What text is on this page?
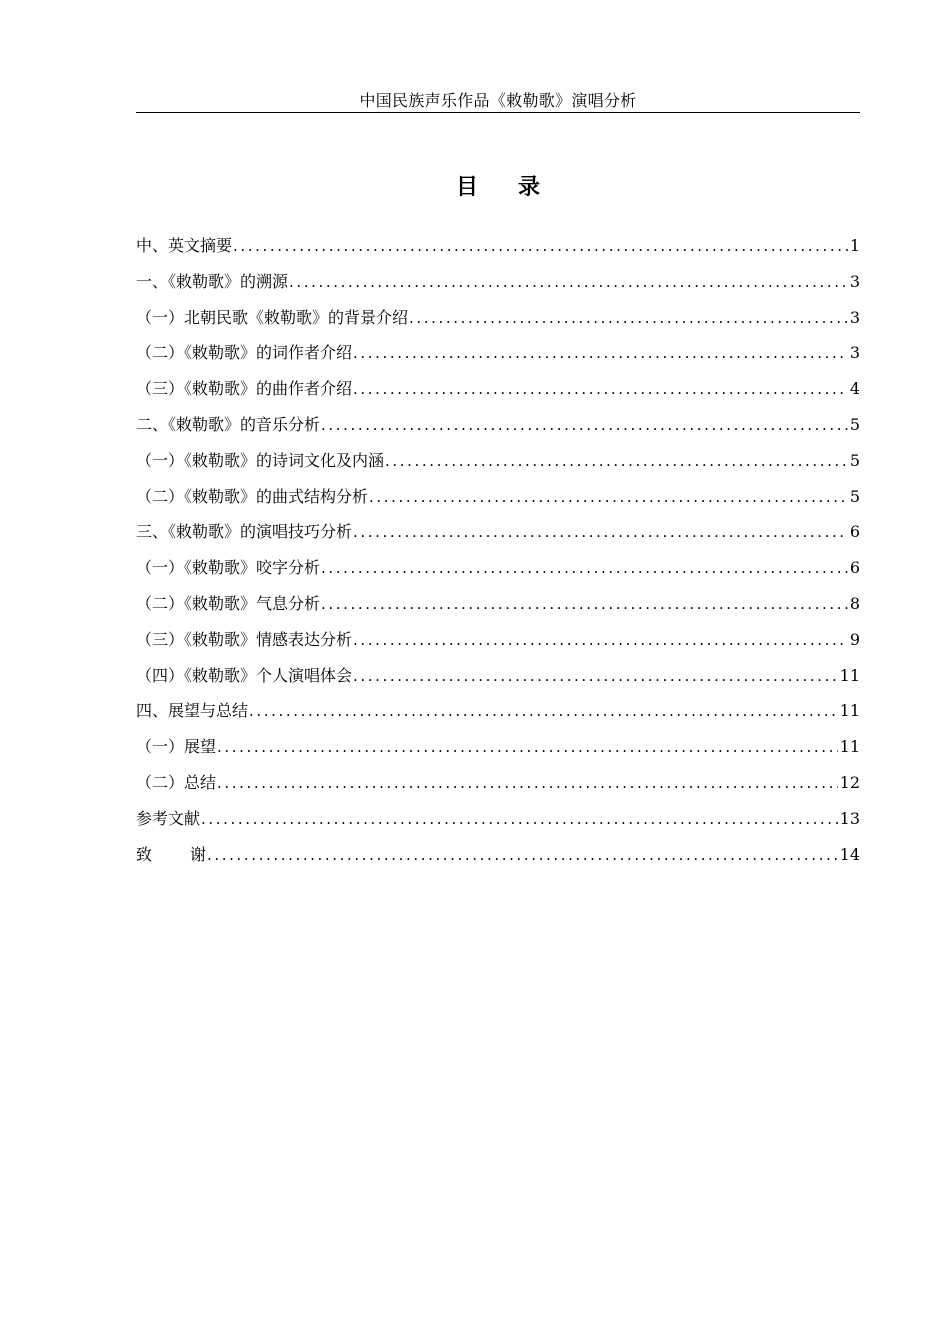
中国民族声乐作品《敕勒歌》演唱分析
目 录
中、英文摘要 .....	1
一、《敕勒歌》的溯源 .....	3
（一）北朝民歌《敕勒歌》的背景介绍 .....	3
（二）《敕勒歌》的词作者介绍 .....	3
（三）《敕勒歌》的曲作者介绍 .....	4
二、《敕勒歌》的音乐分析 .....	5
（一）《敕勒歌》的诗词文化及内涵 .....	5
（二）《敕勒歌》的曲式结构分析 .....	5
三、《敕勒歌》的演唱技巧分析 .....	6
（一）《敕勒歌》咬字分析 .....	6
（二）《敕勒歌》气息分析 .....	8
（三）《敕勒歌》情感表达分析 .....	9
（四）《敕勒歌》个人演唱体会 .....	11
四、展望与总结 .....	11
（一）展望 .....	11
（二）总结 .....	12
参考文献 .....	13
致 谢 .....	14
